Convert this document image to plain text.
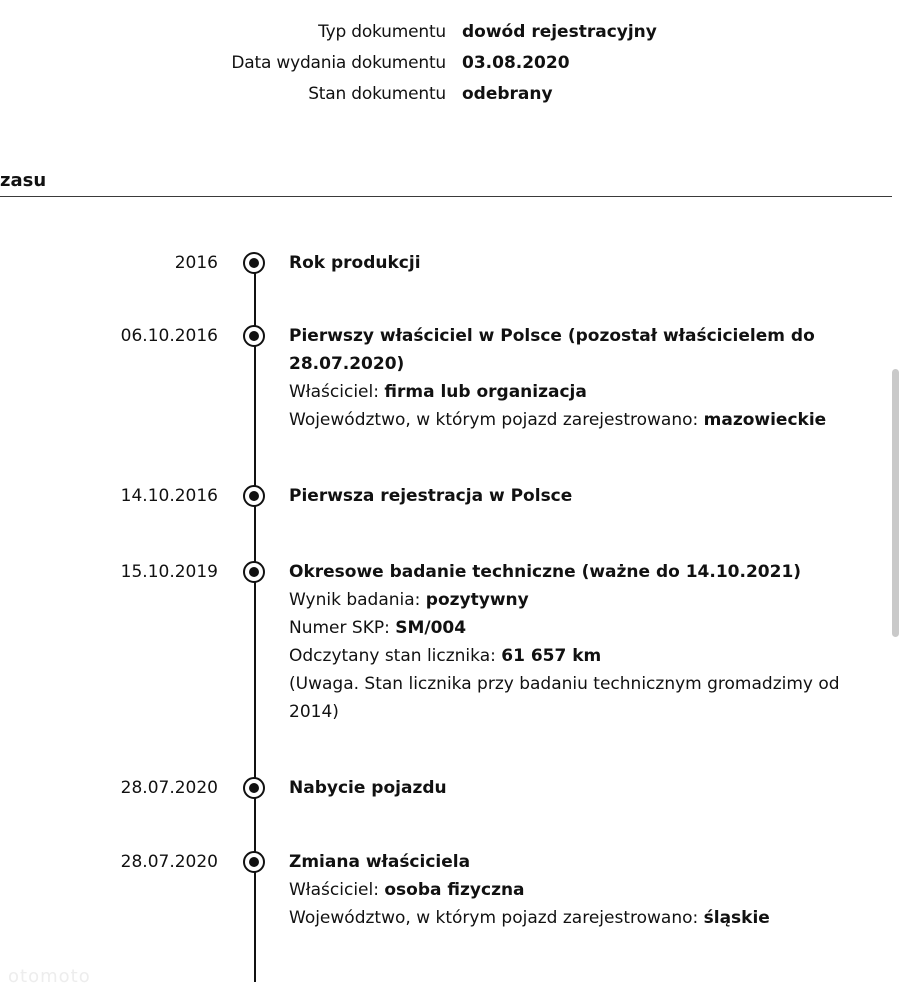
Typ dokumentu dowód rejestracyjny
Data wydania dokumentu 03.08.2020
Stan dokumentu odebrany
zasu
2016	Rok produkcji
06.10.2016	Pierwszy właściciel w Polsce (pozostał właścicielem do 28.07.2020)
Właściciel: firma lub organizacja
Województwo, w którym pojazd zarejestrowano: mazowieckie
14.10.2016	Pierwsza rejestracja w Polsce
15.10.2019	Okresowe badanie techniczne (ważne do 14.10.2021)
Wynik badania: pozytywny
Numer SKP: SM/004
Odczytany stan licznika: 61 657 km
(Uwaga. Stan licznika przy badaniu technicznym gromadzimy od 2014)
28.07.2020	Nabycie pojazdu
28.07.2020	Zmiana właściciela
Właściciel: osoba fizyczna
Województwo, w którym pojazd zarejestrowano: śląskie
otomoto
